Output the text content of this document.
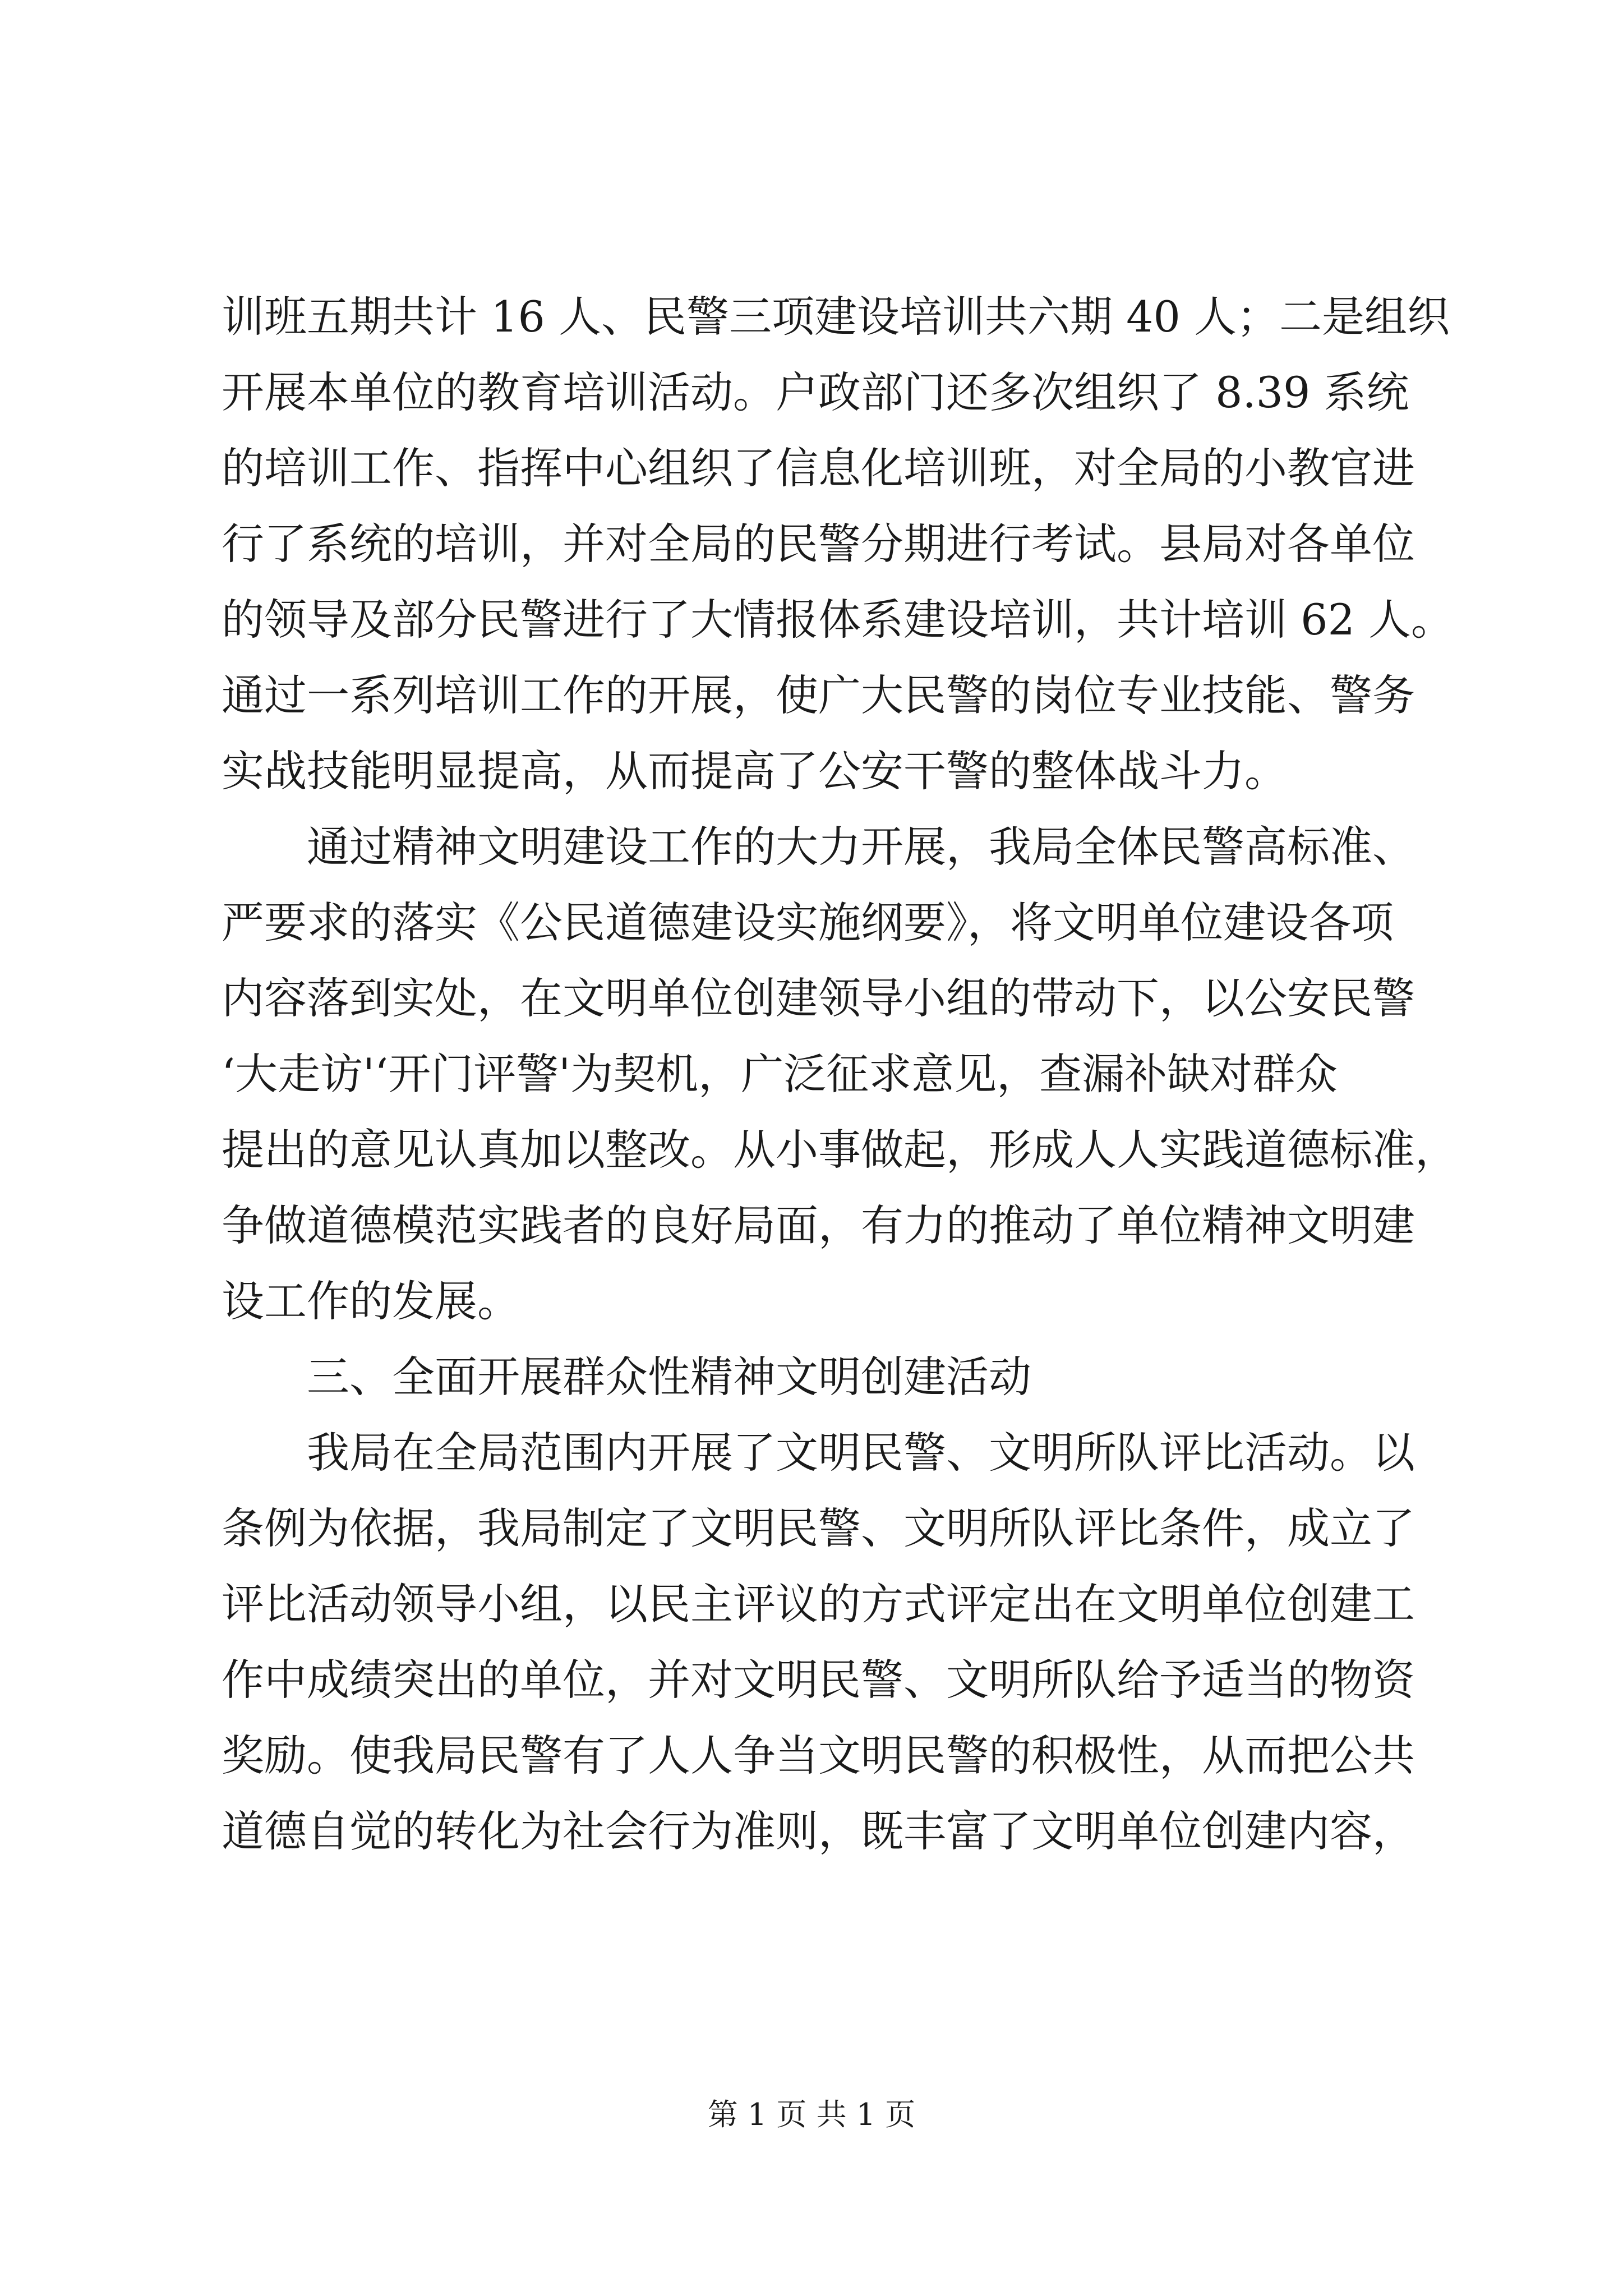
训班五期共计 16 人、民警三项建设培训共六期 40 人；二是组织
开展本单位的教育培训活动。户政部门还多次组织了 8.39 系统
的培训工作、指挥中心组织了信息化培训班，对全局的小教官进
行了系统的培训，并对全局的民警分期进行考试。县局对各单位
的领导及部分民警进行了大情报体系建设培训，共计培训 62 人。
通过一系列培训工作的开展，使广大民警的岗位专业技能、警务
实战技能明显提高，从而提高了公安干警的整体战斗力。
通过精神文明建设工作的大力开展，我局全体民警高标准、
严要求的落实《公民道德建设实施纲要》，将文明单位建设各项
内容落到实处，在文明单位创建领导小组的带动下，以公安民警
‘大走访'‘开门评警'为契机，广泛征求意见，查漏补缺对群众
提出的意见认真加以整改。从小事做起，形成人人实践道德标准，
争做道德模范实践者的良好局面，有力的推动了单位精神文明建
设工作的发展。
三、全面开展群众性精神文明创建活动
我局在全局范围内开展了文明民警、文明所队评比活动。以
条例为依据，我局制定了文明民警、文明所队评比条件，成立了
评比活动领导小组，以民主评议的方式评定出在文明单位创建工
作中成绩突出的单位，并对文明民警、文明所队给予适当的物资
奖励。使我局民警有了人人争当文明民警的积极性，从而把公共
道德自觉的转化为社会行为准则，既丰富了文明单位创建内容，
第 1 页 共 1 页
